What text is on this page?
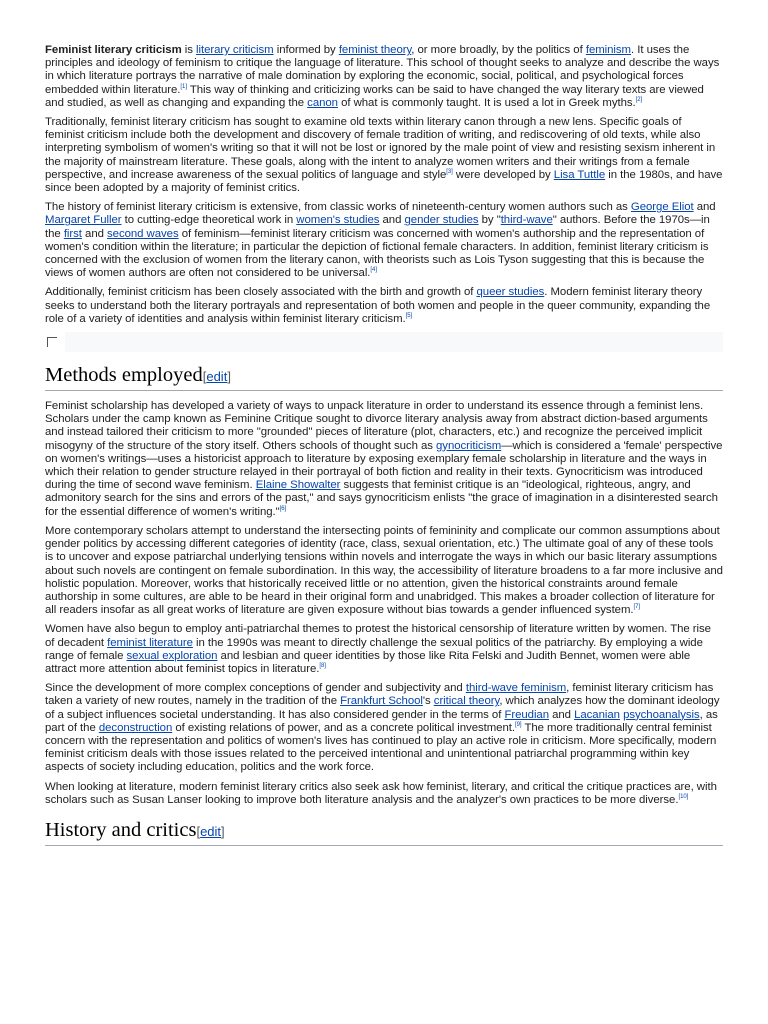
Feminist literary criticism is literary criticism informed by feminist theory, or more broadly, by the politics of feminism. It uses the principles and ideology of feminism to critique the language of literature. This school of thought seeks to analyze and describe the ways in which literature portrays the narrative of male domination by exploring the economic, social, political, and psychological forces embedded within literature.[1] This way of thinking and criticizing works can be said to have changed the way literary texts are viewed and studied, as well as changing and expanding the canon of what is commonly taught. It is used a lot in Greek myths.[2]

Traditionally, feminist literary criticism has sought to examine old texts within literary canon through a new lens. Specific goals of feminist criticism include both the development and discovery of female tradition of writing, and rediscovering of old texts, while also interpreting symbolism of women's writing so that it will not be lost or ignored by the male point of view and resisting sexism inherent in the majority of mainstream literature. These goals, along with the intent to analyze women writers and their writings from a female perspective, and increase awareness of the sexual politics of language and style[3] were developed by Lisa Tuttle in the 1980s, and have since been adopted by a majority of feminist critics.

The history of feminist literary criticism is extensive, from classic works of nineteenth-century women authors such as George Eliot and Margaret Fuller to cutting-edge theoretical work in women's studies and gender studies by "third-wave" authors. Before the 1970s—in the first and second waves of feminism—feminist literary criticism was concerned with women's authorship and the representation of women's condition within the literature; in particular the depiction of fictional female characters. In addition, feminist literary criticism is concerned with the exclusion of women from the literary canon, with theorists such as Lois Tyson suggesting that this is because the views of women authors are often not considered to be universal.[4]

Additionally, feminist criticism has been closely associated with the birth and growth of queer studies. Modern feminist literary theory seeks to understand both the literary portrayals and representation of both women and people in the queer community, expanding the role of a variety of identities and analysis within feminist literary criticism.[5]

Methods employed[edit]

Feminist scholarship has developed a variety of ways to unpack literature in order to understand its essence through a feminist lens. Scholars under the camp known as Feminine Critique sought to divorce literary analysis away from abstract diction-based arguments and instead tailored their criticism to more "grounded" pieces of literature (plot, characters, etc.) and recognize the perceived implicit misogyny of the structure of the story itself. Others schools of thought such as gynocriticism—which is considered a 'female' perspective on women's writings—uses a historicist approach to literature by exposing exemplary female scholarship in literature and the ways in which their relation to gender structure relayed in their portrayal of both fiction and reality in their texts. Gynocriticism was introduced during the time of second wave feminism. Elaine Showalter suggests that feminist critique is an "ideological, righteous, angry, and admonitory search for the sins and errors of the past," and says gynocriticism enlists "the grace of imagination in a disinterested search for the essential difference of women's writing."[6]

More contemporary scholars attempt to understand the intersecting points of femininity and complicate our common assumptions about gender politics by accessing different categories of identity (race, class, sexual orientation, etc.) The ultimate goal of any of these tools is to uncover and expose patriarchal underlying tensions within novels and interrogate the ways in which our basic literary assumptions about such novels are contingent on female subordination. In this way, the accessibility of literature broadens to a far more inclusive and holistic population. Moreover, works that historically received little or no attention, given the historical constraints around female authorship in some cultures, are able to be heard in their original form and unabridged. This makes a broader collection of literature for all readers insofar as all great works of literature are given exposure without bias towards a gender influenced system.[7]

Women have also begun to employ anti-patriarchal themes to protest the historical censorship of literature written by women. The rise of decadent feminist literature in the 1990s was meant to directly challenge the sexual politics of the patriarchy. By employing a wide range of female sexual exploration and lesbian and queer identities by those like Rita Felski and Judith Bennet, women were able attract more attention about feminist topics in literature.[8]

Since the development of more complex conceptions of gender and subjectivity and third-wave feminism, feminist literary criticism has taken a variety of new routes, namely in the tradition of the Frankfurt School's critical theory, which analyzes how the dominant ideology of a subject influences societal understanding. It has also considered gender in the terms of Freudian and Lacanian psychoanalysis, as part of the deconstruction of existing relations of power, and as a concrete political investment.[9] The more traditionally central feminist concern with the representation and politics of women's lives has continued to play an active role in criticism. More specifically, modern feminist criticism deals with those issues related to the perceived intentional and unintentional patriarchal programming within key aspects of society including education, politics and the work force.

When looking at literature, modern feminist literary critics also seek ask how feminist, literary, and critical the critique practices are, with scholars such as Susan Lanser looking to improve both literature analysis and the analyzer's own practices to be more diverse.[10]

History and critics[edit]
